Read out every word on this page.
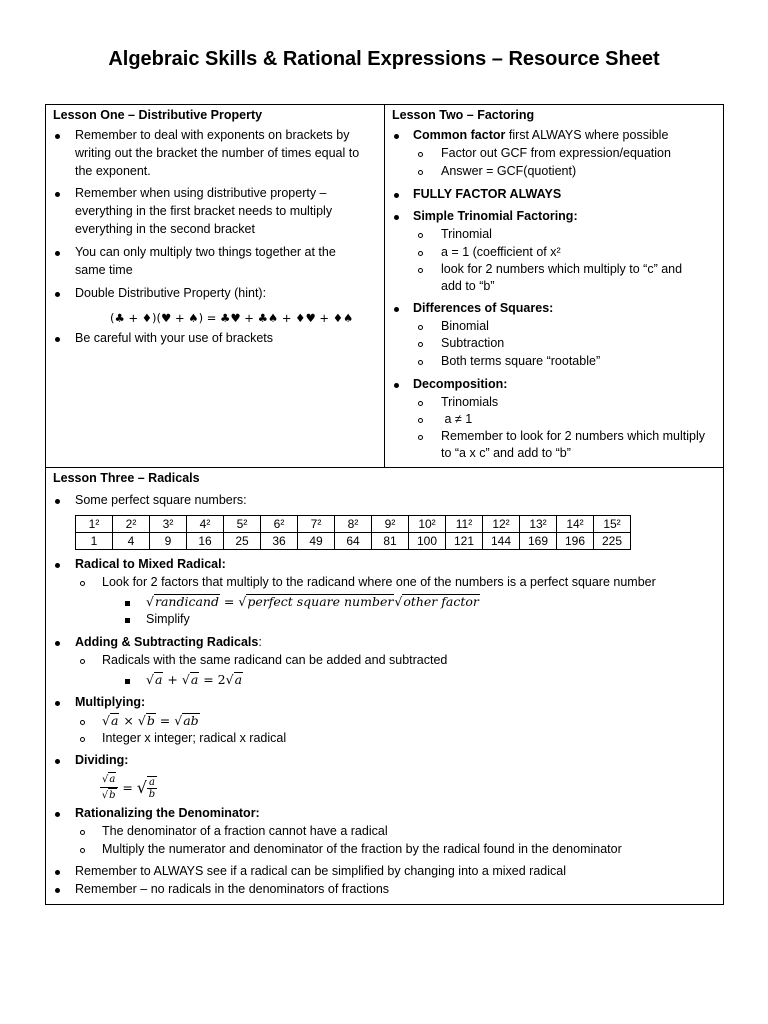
Algebraic Skills & Rational Expressions – Resource Sheet
Lesson One – Distributive Property
Remember to deal with exponents on brackets by
writing out the bracket the number of times equal to
the exponent.
Remember when using distributive property –
everything in the first bracket needs to multiply
everything in the second bracket
You can only multiply two things together at the
same time
Double Distributive Property (hint):
(♣ + ♦)(♥ + ♠) = ♣♥ + ♣♠ + ♦♥ + ♦♠
Be careful with your use of brackets
Lesson Two – Factoring
Common factor first ALWAYS where possible
Factor out GCF from expression/equation
Answer = GCF(quotient)
FULLY FACTOR ALWAYS
Simple Trinomial Factoring:
Trinomial
a = 1 (coefficient of x²
look for 2 numbers which multiply to “c” and
add to “b”
Differences of Squares:
Binomial
Subtraction
Both terms square “rootable”
Decomposition:
Trinomials
a ≠ 1
Remember to look for 2 numbers which multiply
to “a x c” and add to “b”
Lesson Three – Radicals
Some perfect square numbers:
1²	2²	3²	4²	5²	6²	7²	8²	9²	10²	11²	12²	13²	14²	15²
1	4	9	16	25	36	49	64	81	100	121	144	169	196	225
Radical to Mixed Radical:
Look for 2 factors that multiply to the radicand where one of the numbers is a perfect square number
√randicand = √perfect square number√other factor
Simplify
Adding & Subtracting Radicals:
Radicals with the same radicand can be added and subtracted
√a + √a = 2√a
Multiplying:
√a × √b = √ab
Integer x integer; radical x radical
Dividing:
√a
√b = √ $\frac{a}{b}$
Rationalizing the Denominator:
The denominator of a fraction cannot have a radical
Multiply the numerator and denominator of the fraction by the radical found in the denominator
Remember to ALWAYS see if a radical can be simplified by changing into a mixed radical
Remember – no radicals in the denominators of fractions
